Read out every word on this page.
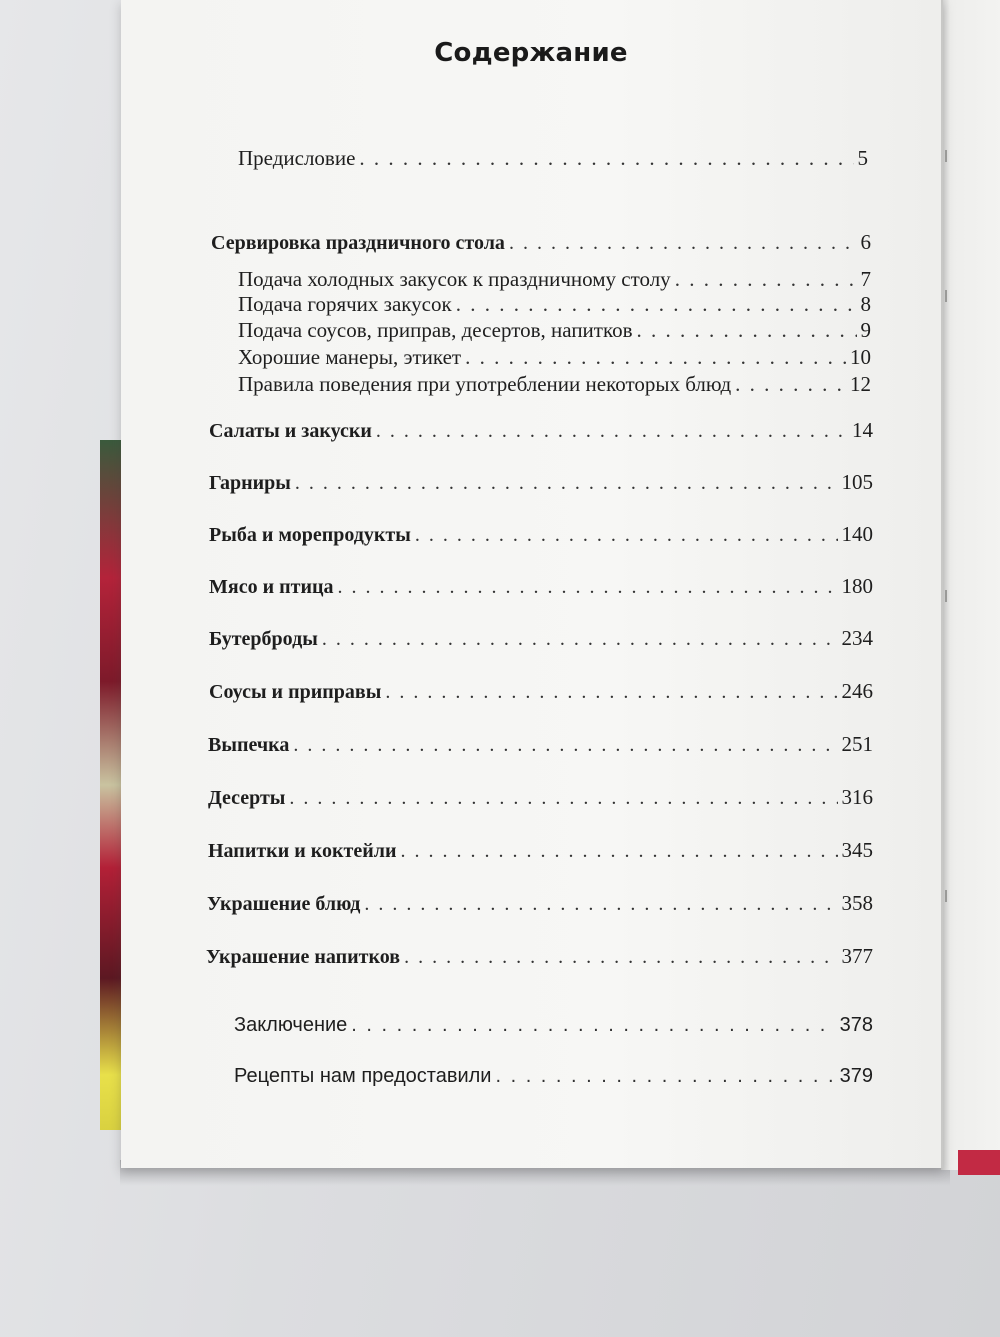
Содержание
Предисловие . . .	5
Сервировка праздничного стола . . .	6
Подача холодных закусок к праздничному столу . . .	7
Подача горячих закусок . . .	8
Подача соусов, приправ, десертов, напитков . . .	9
Хорошие манеры, этикет . . .	10
Правила поведения при употреблении некоторых блюд . . .	12
Салаты и закуски . . .	14
Гарниры . . .	105
Рыба и морепродукты . . .	140
Мясо и птица . . .	180
Бутерброды . . .	234
Соусы и приправы . . .	246
Выпечка . . .	251
Десерты . . .	316
Напитки и коктейли . . .	345
Украшение блюд . . .	358
Украшение напитков . . .	377
Заключение . . .	378
Рецепты нам предоставили . . .	379
